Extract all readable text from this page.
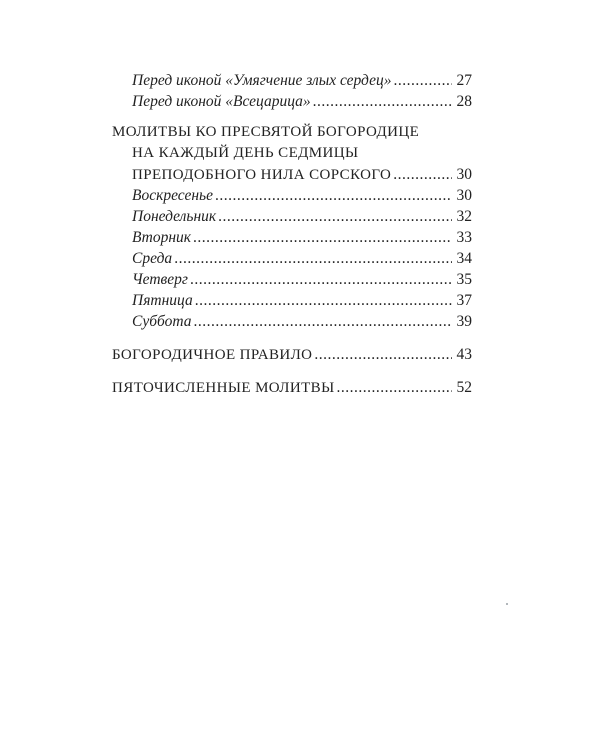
Перед иконой «Умягчение злых сердец» .....	27
Перед иконой «Всецарица» .....	28
МОЛИТВЫ КО ПРЕСВЯТОЙ БОГОРОДИЦЕ
НА КАЖДЫЙ ДЕНЬ СЕДМИЦЫ
ПРЕПОДОБНОГО НИЛА СОРСКОГО .....	30
Воскресенье .....	30
Понедельник .....	32
Вторник .....	33
Среда .....	34
Четверг .....	35
Пятница .....	37
Суббота .....	39
БОГОРОДИЧНОЕ ПРАВИЛО .....	43
ПЯТОЧИСЛЕННЫЕ МОЛИТВЫ .....	52
